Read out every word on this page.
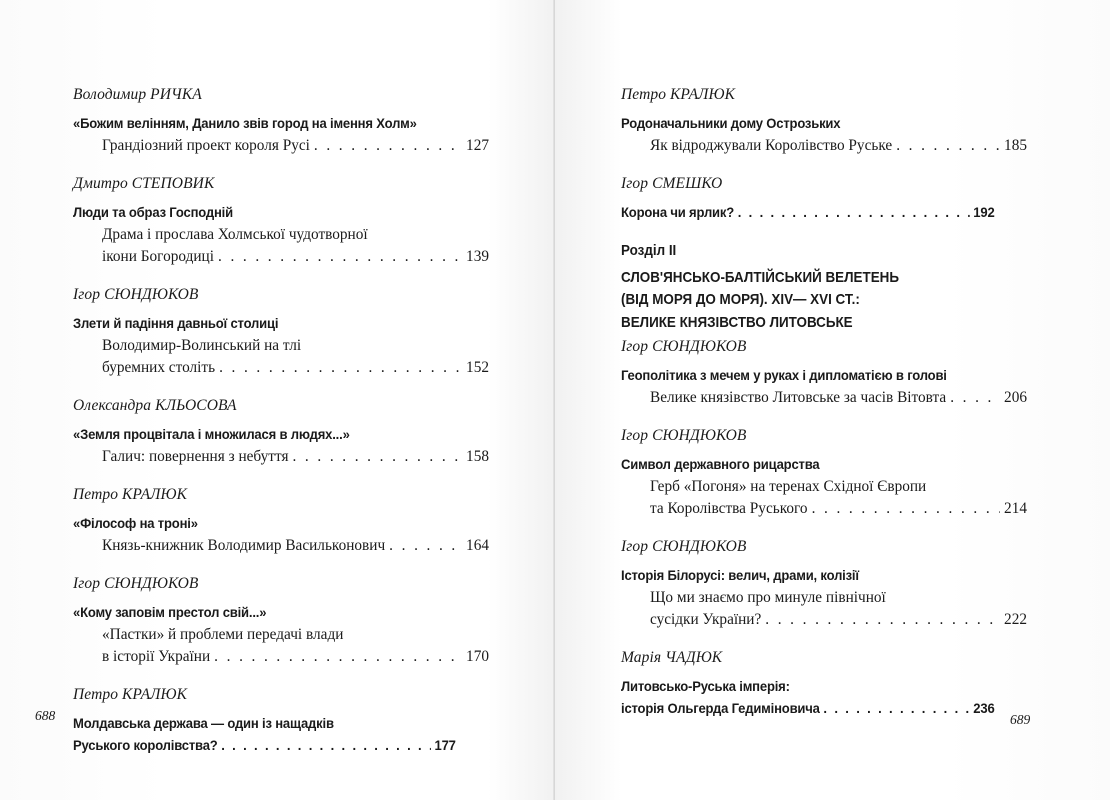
Володимир РИЧКА
«Божим велінням, Данило звів город на імення Холм»
Грандіозний проект короля Русі . . .	127
Дмитро СТЕПОВИК
Люди та образ Господній
Драма і прослава Холмської чудотворної
ікони Богородиці . . .	139
Ігор СЮНДЮКОВ
Злети й падіння давньої столиці
Володимир-Волинський на тлі
буремних століть . . .	152
Олександра КЛЬОСОВА
«Земля процвітала і множилася в людях...»
Галич: повернення з небуття . . .	158
Петро КРАЛЮК
«Філософ на троні»
Князь-книжник Володимир Васильконович . . .	164
Ігор СЮНДЮКОВ
«Кому заповім престол свій...»
«Пастки» й проблеми передачі влади
в історії України . . .	170
Петро КРАЛЮК
Молдавська держава — один із нащадків
Руського королівства? . . .	177
688
Петро КРАЛЮК
Родоначальники дому Острозьких
Як відроджували Королівство Руське . . .	185
Ігор СМЕШКО
Корона чи ярлик? . . .	192
Розділ II
СЛОВ'ЯНСЬКО-БАЛТІЙСЬКИЙ ВЕЛЕТЕНЬ
(ВІД МОРЯ ДО МОРЯ). XIV— XVI СТ.:
ВЕЛИКЕ КНЯЗІВСТВО ЛИТОВСЬКЕ
Ігор СЮНДЮКОВ
Геополітика з мечем у руках і дипломатією в голові
Велике князівство Литовське за часів Вітовта . . .	206
Ігор СЮНДЮКОВ
Символ державного рицарства
Герб «Погоня» на теренах Східної Європи
та Королівства Руського . . .	214
Ігор СЮНДЮКОВ
Історія Білорусі: велич, драми, колізії
Що ми знаємо про минуле північної
сусідки України? . . .	222
Марія ЧАДЮК
Литовсько-Руська імперія:
історія Ольгерда Гедиміновича . . .	236
689
